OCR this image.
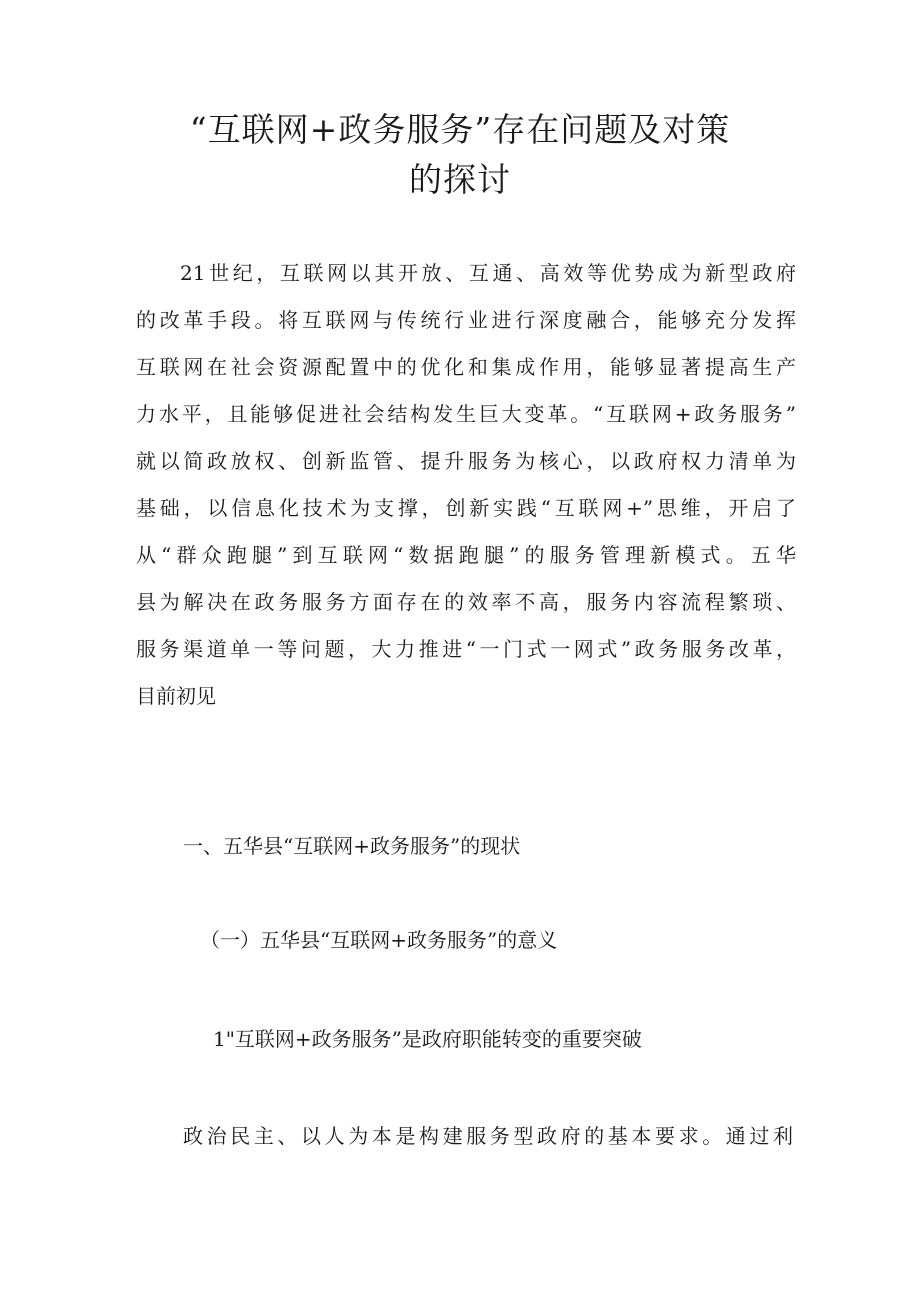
“互联网+政务服务”存在问题及对策
的探讨
21世纪，互联网以其开放、互通、高效等优势成为新型政府
的改革手段。将互联网与传统行业进行深度融合，能够充分发挥
互联网在社会资源配置中的优化和集成作用，能够显著提高生产
力水平，且能够促进社会结构发生巨大变革。“互联网+政务服务”
就以简政放权、创新监管、提升服务为核心，以政府权力清单为
基础，以信息化技术为支撑，创新实践“互联网+”思维，开启了
从“群众跑腿”到互联网“数据跑腿”的服务管理新模式。五华
县为解决在政务服务方面存在的效率不高，服务内容流程繁琐、
服务渠道单一等问题，大力推进“一门式一网式”政务服务改革，
目前初见
一、五华县“互联网+政务服务”的现状
（一）五华县“互联网+政务服务”的意义
1"互联网+政务服务”是政府职能转变的重要突破
政治民主、以人为本是构建服务型政府的基本要求。通过利
